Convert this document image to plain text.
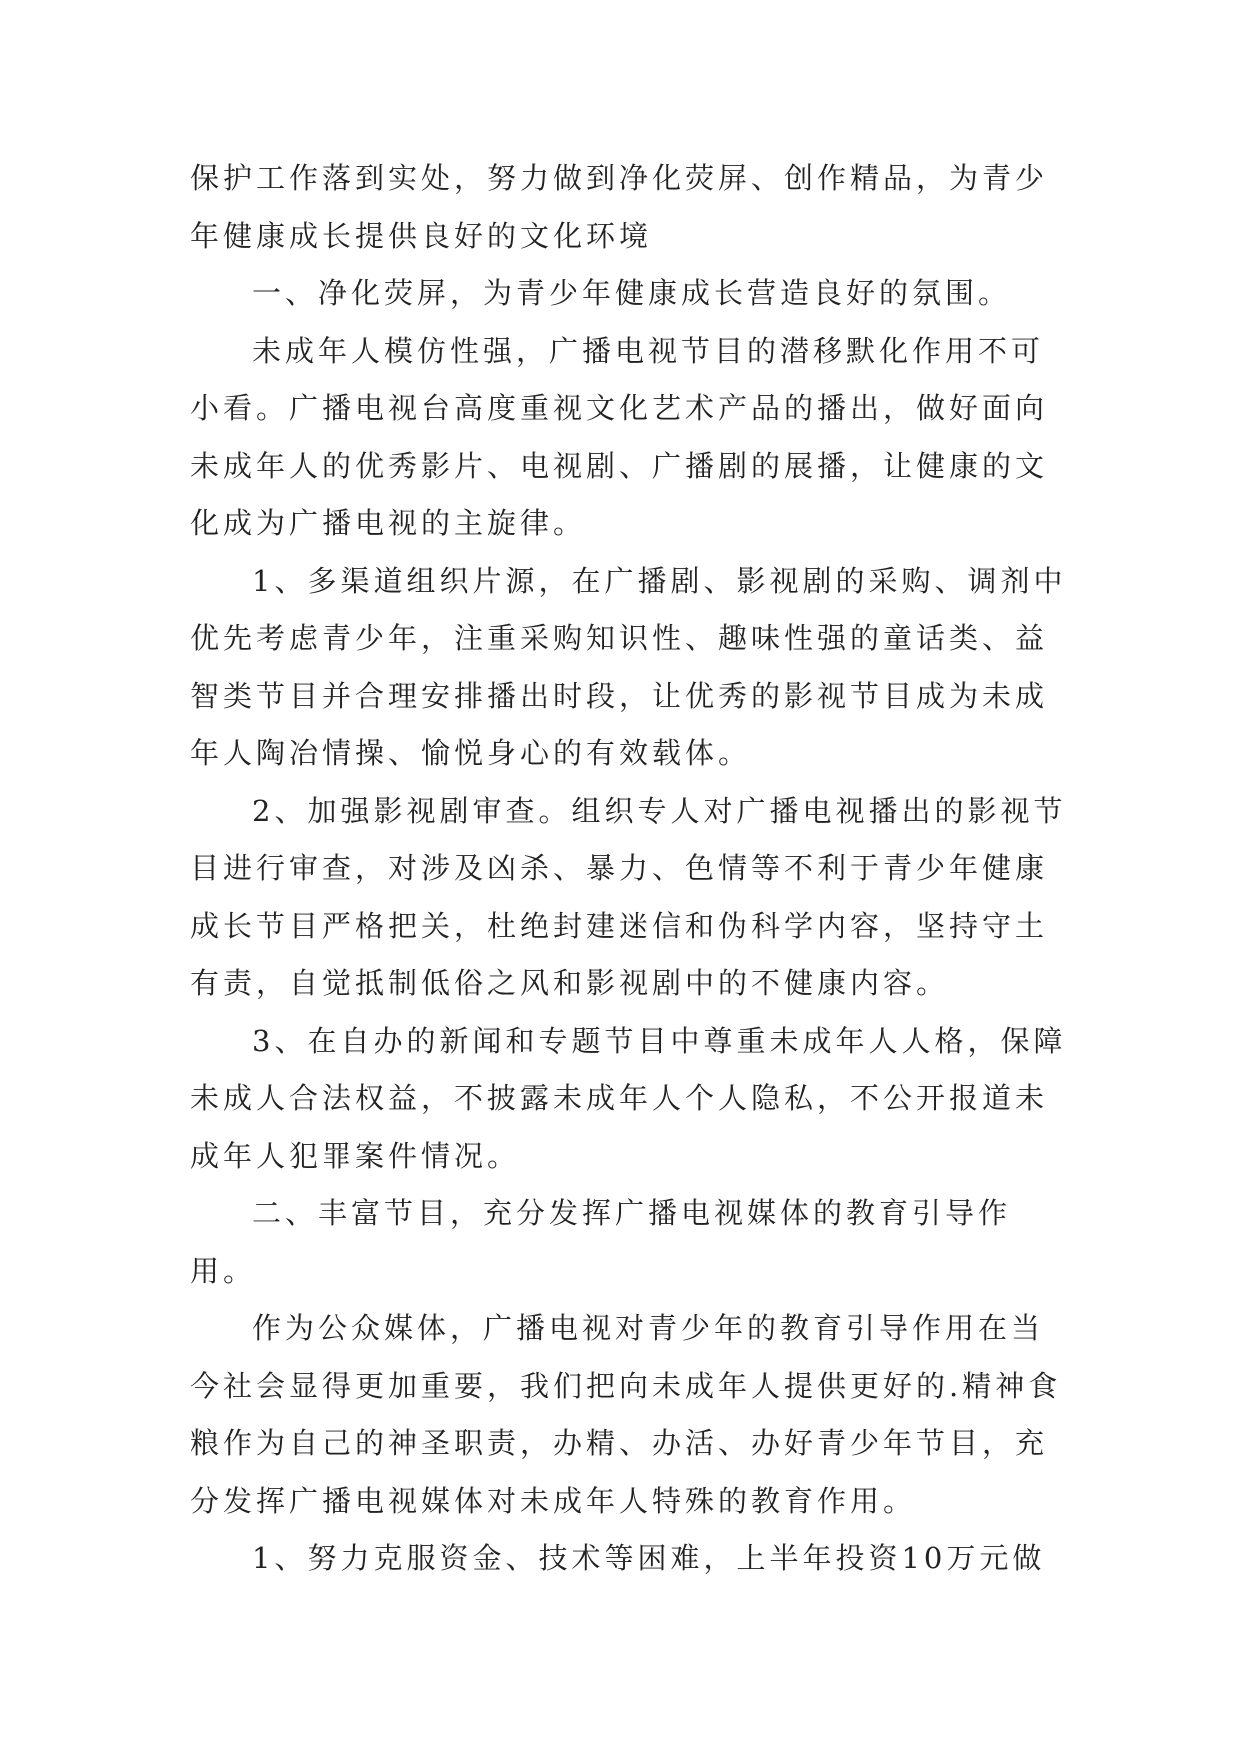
保护工作落到实处，努力做到净化荧屏、创作精品，为青少年健康成长提供良好的文化环境

一、净化荧屏，为青少年健康成长营造良好的氛围。

未成年人模仿性强，广播电视节目的潜移默化作用不可小看。广播电视台高度重视文化艺术产品的播出，做好面向未成年人的优秀影片、电视剧、广播剧的展播，让健康的文化成为广播电视的主旋律。

1、多渠道组织片源，在广播剧、影视剧的采购、调剂中优先考虑青少年，注重采购知识性、趣味性强的童话类、益智类节目并合理安排播出时段，让优秀的影视节目成为未成年人陶冶情操、愉悦身心的有效载体。

2、加强影视剧审查。组织专人对广播电视播出的影视节目进行审查，对涉及凶杀、暴力、色情等不利于青少年健康成长节目严格把关，杜绝封建迷信和伪科学内容，坚持守土有责，自觉抵制低俗之风和影视剧中的不健康内容。

3、在自办的新闻和专题节目中尊重未成年人人格，保障未成人合法权益，不披露未成年人个人隐私，不公开报道未成年人犯罪案件情况。

二、丰富节目，充分发挥广播电视媒体的教育引导作用。

作为公众媒体，广播电视对青少年的教育引导作用在当今社会显得更加重要，我们把向未成年人提供更好的.精神食粮作为自己的神圣职责，办精、办活、办好青少年节目，充分发挥广播电视媒体对未成年人特殊的教育作用。

1、努力克服资金、技术等困难，上半年投资10万元做
